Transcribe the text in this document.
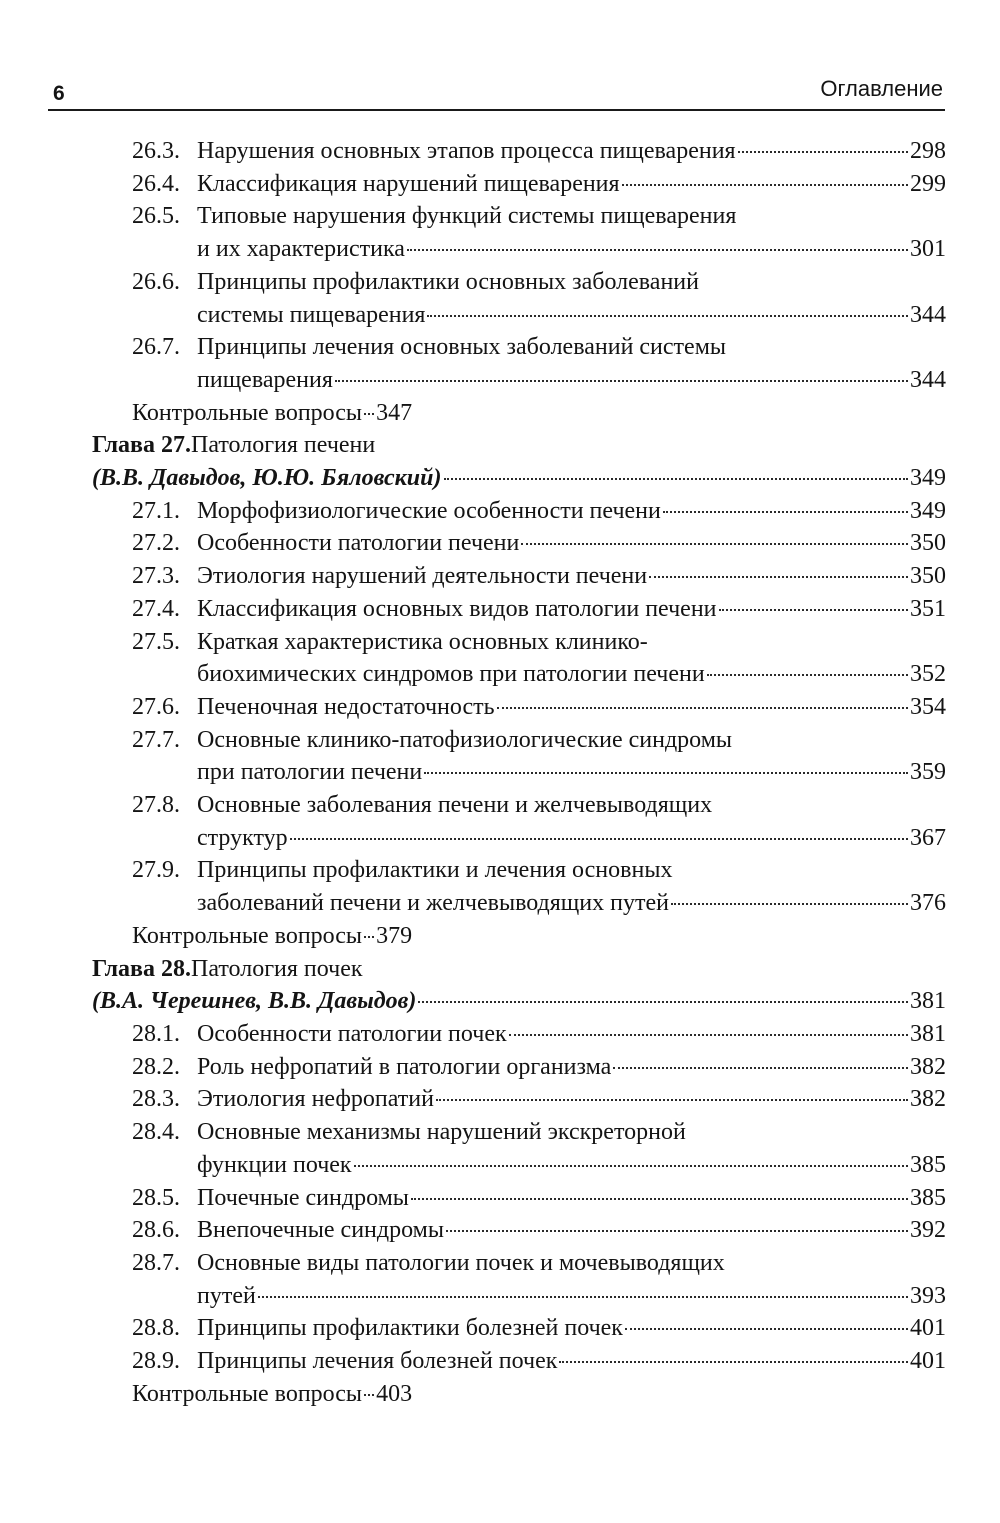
6	Оглавление
26.3. Нарушения основных этапов процесса пищеварения	298
26.4. Классификация нарушений пищеварения	299
26.5. Типовые нарушения функций системы пищеварения
и их характеристика	301
26.6. Принципы профилактики основных заболеваний
системы пищеварения	344
26.7. Принципы лечения основных заболеваний системы
пищеварения	344
Контрольные вопросы 347
Глава 27. Патология печени
(В.В. Давыдов, Ю.Ю. Бяловский)	349
27.1. Морфофизиологические особенности печени	349
27.2. Особенности патологии печени	350
27.3. Этиология нарушений деятельности печени	350
27.4. Классификация основных видов патологии печени	351
27.5. Краткая характеристика основных клинико-
биохимических синдромов при патологии печени	352
27.6. Печеночная недостаточность	354
27.7. Основные клинико-патофизиологические синдромы
при патологии печени	359
27.8. Основные заболевания печени и желчевыводящих
структур	367
27.9. Принципы профилактики и лечения основных
заболеваний печени и желчевыводящих путей	376
Контрольные вопросы 379
Глава 28. Патология почек
(В.А. Черешнев, В.В. Давыдов)	381
28.1. Особенности патологии почек	381
28.2. Роль нефропатий в патологии организма	382
28.3. Этиология нефропатий	382
28.4. Основные механизмы нарушений экскреторной
функции почек	385
28.5. Почечные синдромы	385
28.6. Внепочечные синдромы	392
28.7. Основные виды патологии почек и мочевыводящих
путей	393
28.8. Принципы профилактики болезней почек	401
28.9. Принципы лечения болезней почек	401
Контрольные вопросы 403
